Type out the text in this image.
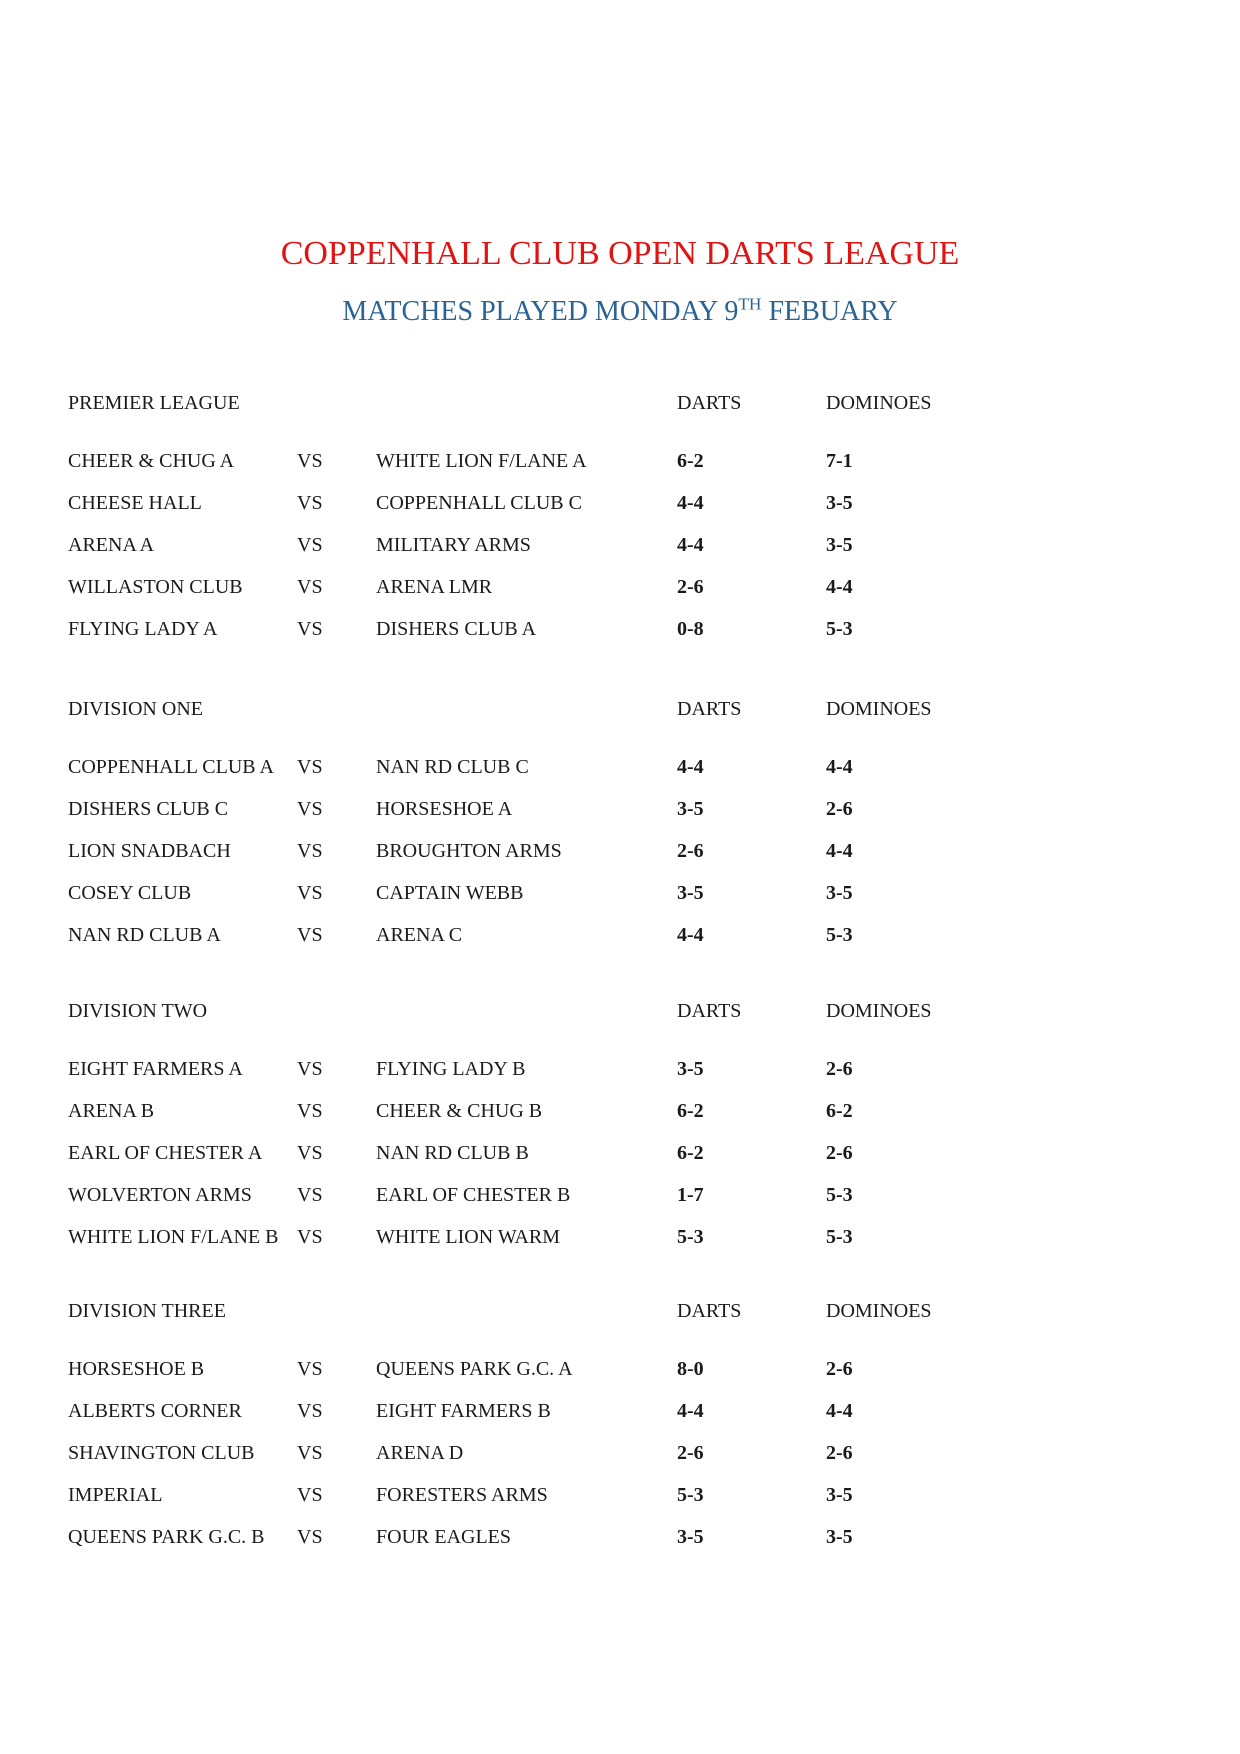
COPPENHALL CLUB OPEN DARTS LEAGUE
MATCHES PLAYED MONDAY 9TH FEBUARY
PREMIER LEAGUE	DARTS	DOMINOES
CHEER & CHUG A	VS	WHITE LION F/LANE A	6-2	7-1
CHEESE HALL	VS	COPPENHALL CLUB C	4-4	3-5
ARENA A	VS	MILITARY ARMS	4-4	3-5
WILLASTON CLUB	VS	ARENA LMR	2-6	4-4
FLYING LADY A	VS	DISHERS CLUB A	0-8	5-3
DIVISION ONE	DARTS	DOMINOES
COPPENHALL CLUB A	VS	NAN RD CLUB C	4-4	4-4
DISHERS CLUB C	VS	HORSESHOE A	3-5	2-6
LION SNADBACH	VS	BROUGHTON ARMS	2-6	4-4
COSEY CLUB	VS	CAPTAIN WEBB	3-5	3-5
NAN RD CLUB A	VS	ARENA C	4-4	5-3
DIVISION TWO	DARTS	DOMINOES
EIGHT FARMERS A	VS	FLYING LADY B	3-5	2-6
ARENA B	VS	CHEER & CHUG B	6-2	6-2
EARL OF CHESTER A	VS	NAN RD CLUB B	6-2	2-6
WOLVERTON ARMS	VS	EARL OF CHESTER B	1-7	5-3
WHITE LION F/LANE B VS	WHITE LION WARM	5-3	5-3
DIVISION THREE	DARTS	DOMINOES
HORSESHOE B	VS	QUEENS PARK G.C. A	8-0	2-6
ALBERTS CORNER	VS	EIGHT FARMERS B	4-4	4-4
SHAVINGTON CLUB	VS	ARENA D	2-6	2-6
IMPERIAL	VS	FORESTERS ARMS	5-3	3-5
QUEENS PARK G.C. B	VS	FOUR EAGLES	3-5	3-5
